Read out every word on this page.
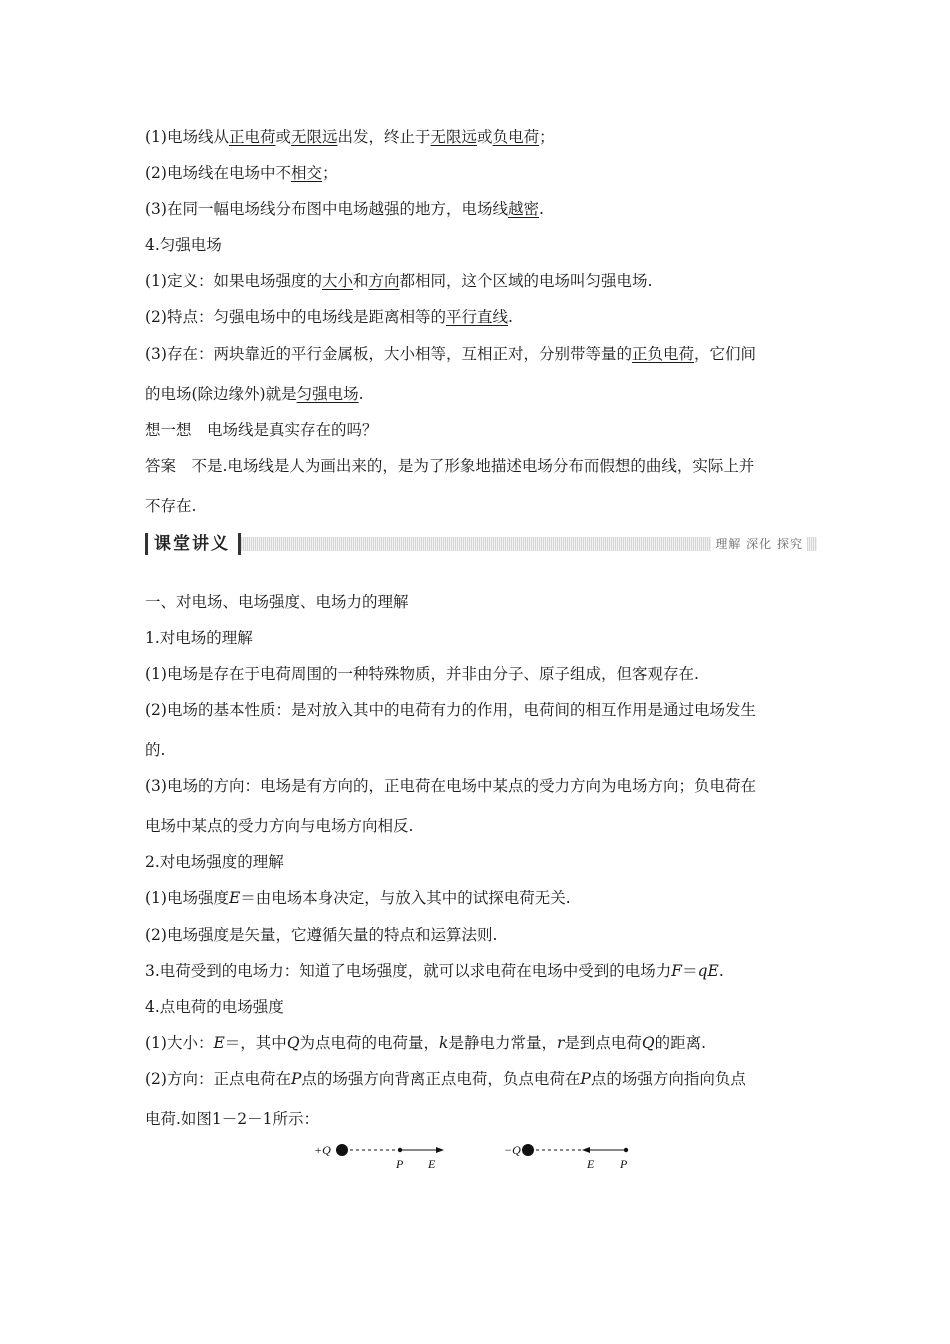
(1)电场线从正电荷或无限远出发，终止于无限远或负电荷；
(2)电场线在电场中不相交；
(3)在同一幅电场线分布图中电场越强的地方，电场线越密.
4.匀强电场
(1)定义：如果电场强度的大小和方向都相同，这个区域的电场叫匀强电场.
(2)特点：匀强电场中的电场线是距离相等的平行直线.
(3)存在：两块靠近的平行金属板，大小相等，互相正对，分别带等量的正负电荷，它们间
的电场(除边缘外)就是匀强电场.
想一想　电场线是真实存在的吗？
答案　不是.电场线是人为画出来的，是为了形象地描述电场分布而假想的曲线，实际上并
不存在.
课堂讲义	理解 深化 探究
一、对电场、电场强度、电场力的理解
1.对电场的理解
(1)电场是存在于电荷周围的一种特殊物质，并非由分子、原子组成，但客观存在.
(2)电场的基本性质：是对放入其中的电荷有力的作用，电荷间的相互作用是通过电场发生
的.
(3)电场的方向：电场是有方向的，正电荷在电场中某点的受力方向为电场方向；负电荷在
电场中某点的受力方向与电场方向相反.
2.对电场强度的理解
(1)电场强度E＝由电场本身决定，与放入其中的试探电荷无关.
(2)电场强度是矢量，它遵循矢量的特点和运算法则.
3.电荷受到的电场力：知道了电场强度，就可以求电荷在电场中受到的电场力F＝qE.
4.点电荷的电场强度
(1)大小：E＝，其中Q为点电荷的电荷量，k是静电力常量，r是到点电荷Q的距离.
(2)方向：正点电荷在P点的场强方向背离正点电荷，负点电荷在P点的场强方向指向负点
电荷.如图1－2－1所示：
+Q
P E
−Q
E P
